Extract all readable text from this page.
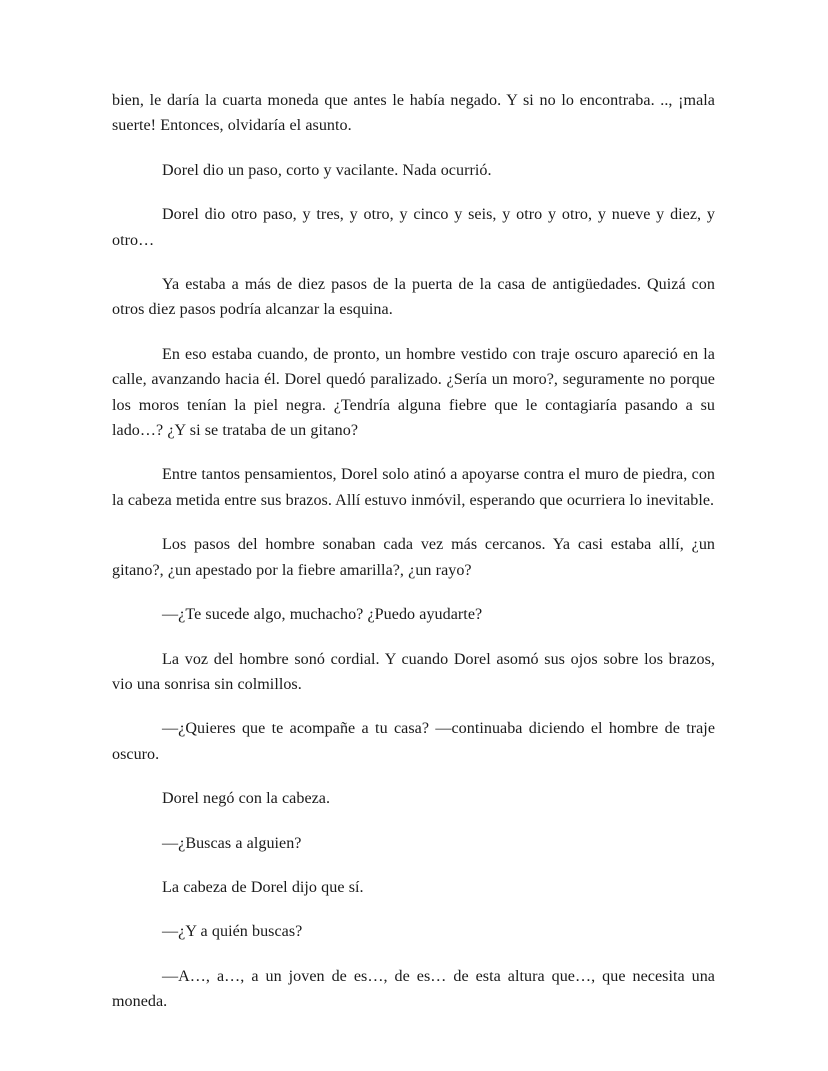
bien, le daría la cuarta moneda que antes le había negado. Y si no lo encontraba. .., ¡mala suerte! Entonces, olvidaría el asunto.

Dorel dio un paso, corto y vacilante. Nada ocurrió.

Dorel dio otro paso, y tres, y otro, y cinco y seis, y otro y otro, y nueve y diez, y otro…

Ya estaba a más de diez pasos de la puerta de la casa de antigüedades. Quizá con otros diez pasos podría alcanzar la esquina.

En eso estaba cuando, de pronto, un hombre vestido con traje oscuro apareció en la calle, avanzando hacia él. Dorel quedó paralizado. ¿Sería un moro?, seguramente no porque los moros tenían la piel negra. ¿Tendría alguna fiebre que le contagiaría pasando a su lado…? ¿Y si se trataba de un gitano?

Entre tantos pensamientos, Dorel solo atinó a apoyarse contra el muro de piedra, con la cabeza metida entre sus brazos. Allí estuvo inmóvil, esperando que ocurriera lo inevitable.

Los pasos del hombre sonaban cada vez más cercanos. Ya casi estaba allí, ¿un gitano?, ¿un apestado por la fiebre amarilla?, ¿un rayo?

—¿Te sucede algo, muchacho? ¿Puedo ayudarte?

La voz del hombre sonó cordial. Y cuando Dorel asomó sus ojos sobre los brazos, vio una sonrisa sin colmillos.

—¿Quieres que te acompañe a tu casa? —continuaba diciendo el hombre de traje oscuro.

Dorel negó con la cabeza.

—¿Buscas a alguien?

La cabeza de Dorel dijo que sí.

—¿Y a quién buscas?

—A…, a…, a un joven de es…, de es… de esta altura que…, que necesita una moneda.
